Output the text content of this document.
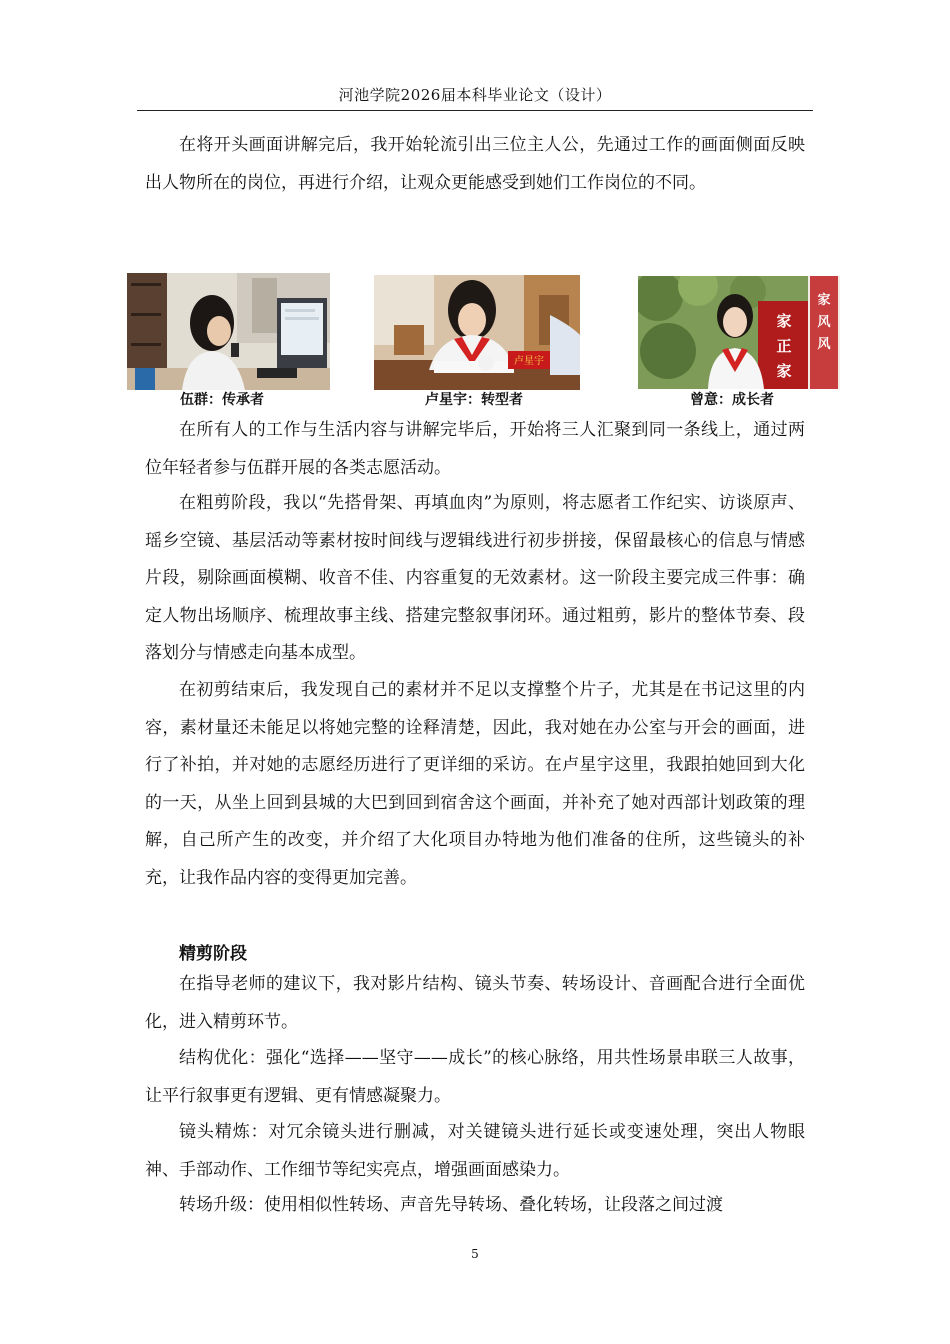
河池学院2026届本科毕业论文（设计）

在将开头画面讲解完后，我开始轮流引出三位主人公，先通过工作的画面侧面反映出人物所在的岗位，再进行介绍，让观众更能感受到她们工作岗位的不同。

卢星宇
家
正
家
家
风
风
伍群：传承者	卢星宇：转型者	曾意：成长者

在所有人的工作与生活内容与讲解完毕后，开始将三人汇聚到同一条线上，通过两位年轻者参与伍群开展的各类志愿活动。

在粗剪阶段，我以“先搭骨架、再填血肉”为原则，将志愿者工作纪实、访谈原声、瑶乡空镜、基层活动等素材按时间线与逻辑线进行初步拼接，保留最核心的信息与情感片段，剔除画面模糊、收音不佳、内容重复的无效素材。这一阶段主要完成三件事：确定人物出场顺序、梳理故事主线、搭建完整叙事闭环。通过粗剪，影片的整体节奏、段落划分与情感走向基本成型。

在初剪结束后，我发现自己的素材并不足以支撑整个片子，尤其是在书记这里的内容，素材量还未能足以将她完整的诠释清楚，因此，我对她在办公室与开会的画面，进行了补拍，并对她的志愿经历进行了更详细的采访。在卢星宇这里，我跟拍她回到大化的一天，从坐上回到县城的大巴到回到宿舍这个画面，并补充了她对西部计划政策的理解，自己所产生的改变，并介绍了大化项目办特地为他们准备的住所，这些镜头的补充，让我作品内容的变得更加完善。

精剪阶段

在指导老师的建议下，我对影片结构、镜头节奏、转场设计、音画配合进行全面优化，进入精剪环节。

结构优化：强化“选择——坚守——成长”的核心脉络，用共性场景串联三人故事，让平行叙事更有逻辑、更有情感凝聚力。

镜头精炼：对冗余镜头进行删减，对关键镜头进行延长或变速处理，突出人物眼神、手部动作、工作细节等纪实亮点，增强画面感染力。

转场升级：使用相似性转场、声音先导转场、叠化转场，让段落之间过渡

5
